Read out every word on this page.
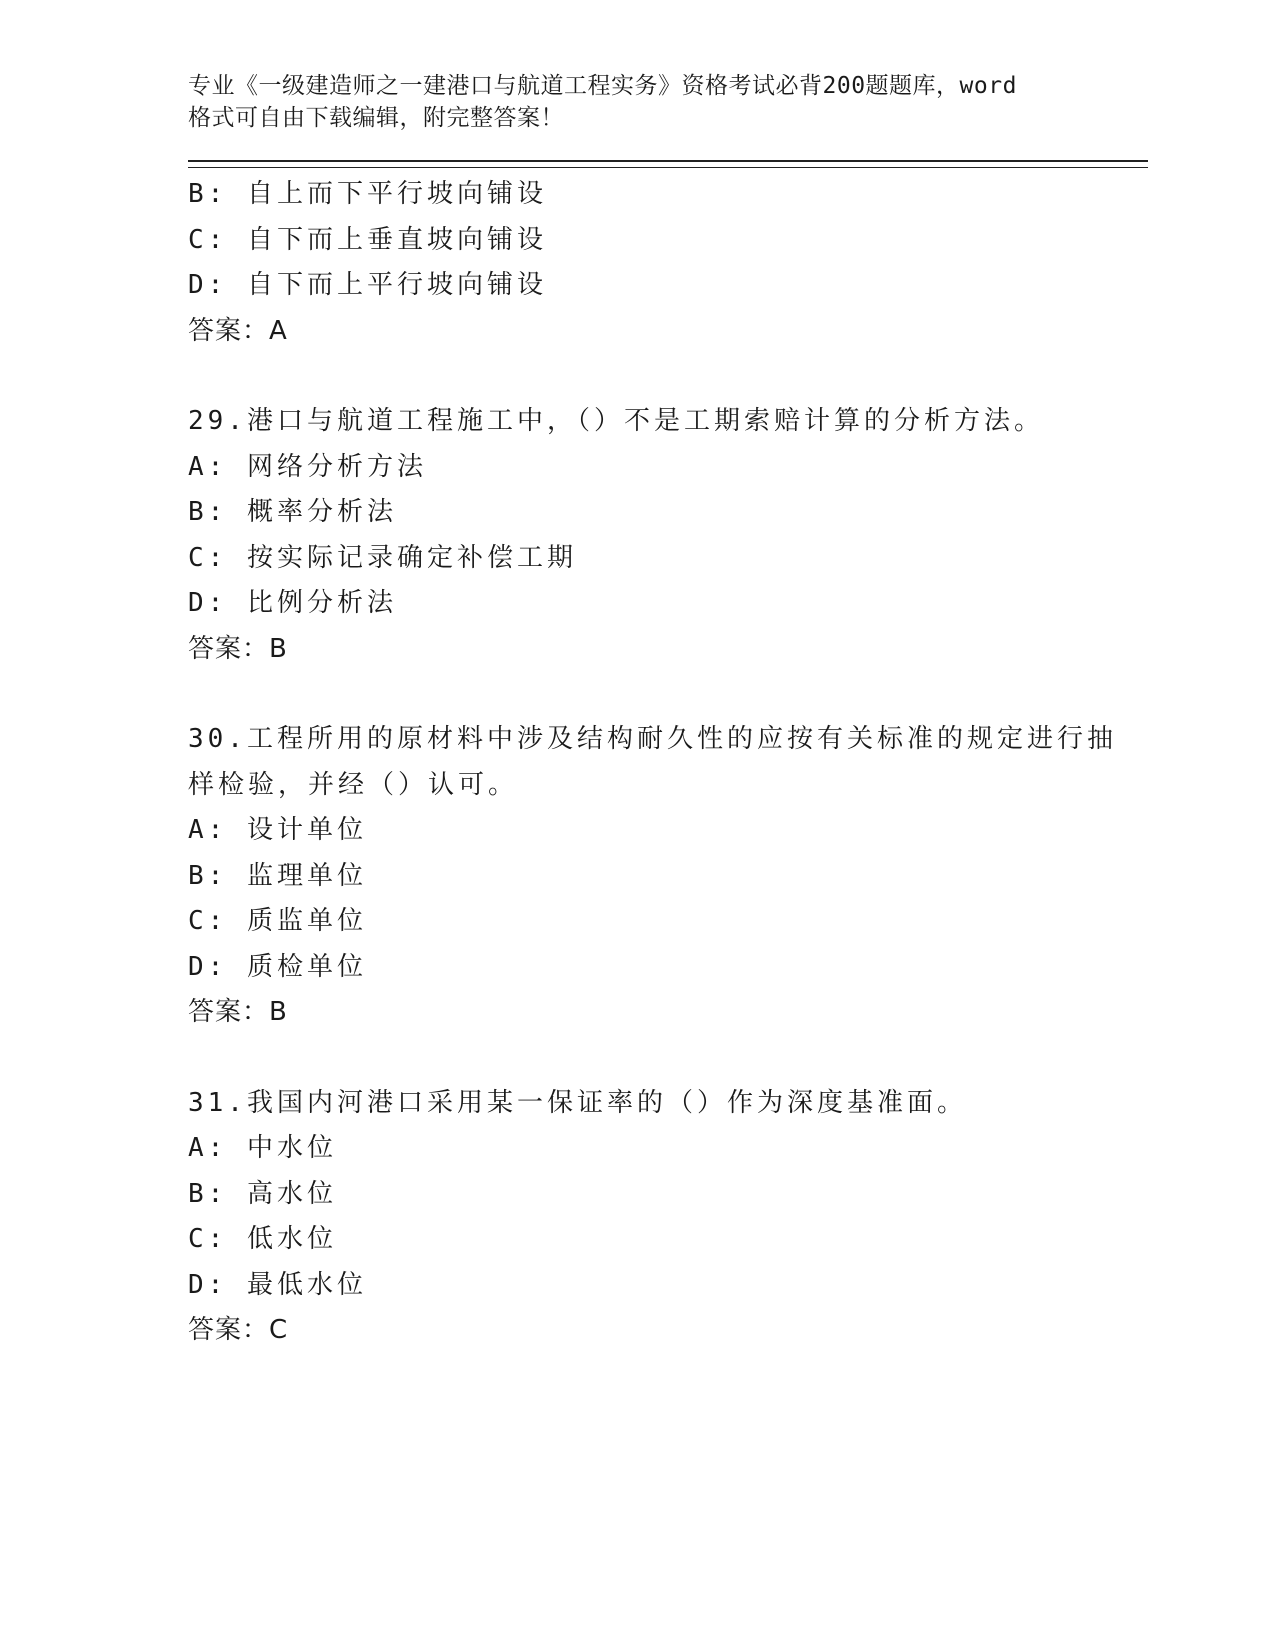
专业《一级建造师之一建港口与航道工程实务》资格考试必背200题题库，word
格式可自由下载编辑，附完整答案！
B: 自上而下平行坡向铺设
C: 自下而上垂直坡向铺设
D: 自下而上平行坡向铺设
答案：A
29.港口与航道工程施工中，（）不是工期索赔计算的分析方法。
A: 网络分析方法
B: 概率分析法
C: 按实际记录确定补偿工期
D: 比例分析法
答案：B
30.工程所用的原材料中涉及结构耐久性的应按有关标准的规定进行抽
样检验，并经（）认可。
A: 设计单位
B: 监理单位
C: 质监单位
D: 质检单位
答案：B
31.我国内河港口采用某一保证率的（）作为深度基准面。
A: 中水位
B: 高水位
C: 低水位
D: 最低水位
答案：C
